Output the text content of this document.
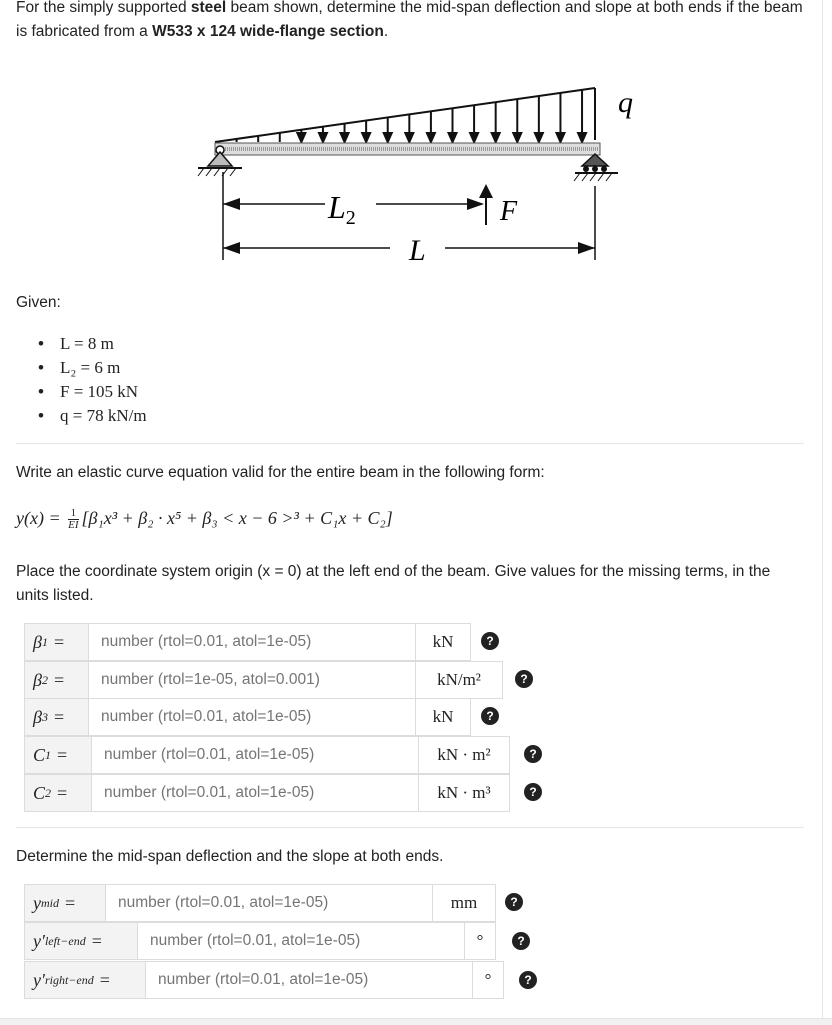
For the simply supported steel beam shown, determine the mid-span deflection and slope at both ends if the beam is fabricated from a W533 x 124 wide-flange section.
q
L2	F
L
Given:
• L = 8 m
• L₂ = 6 m
• F = 105 kN
• q = 78 kN/m
Write an elastic curve equation valid for the entire beam in the following form:
$y(x) = \frac{1}{EI} [\beta_1x^3 + \beta_2 \cdot x^5 + \beta_3 < x - 6 >^3 + C_1x + C_2]$
Place the coordinate system origin (x = 0) at the left end of the beam. Give values for the missing terms, in the units listed.
β 1 =
number (rtol=0.01, atol=1e-05)	kN	?
β 2 =
number (rtol=1e-05, atol=0.001)	kN/m²	?
β 3 =
number (rtol=0.01, atol=1e-05)	kN	?
C 1 =
number (rtol=0.01, atol=1e-05)	kN · m²	?
C 2 =
number (rtol=0.01, atol=1e-05)	kN · m³	?
Determine the mid-span deflection and the slope at both ends.
y mid =
number (rtol=0.01, atol=1e-05)	mm	?
y′ left−end =
number (rtol=0.01, atol=1e-05)	°	?
y′ right−end =
number (rtol=0.01, atol=1e-05)	°	?
